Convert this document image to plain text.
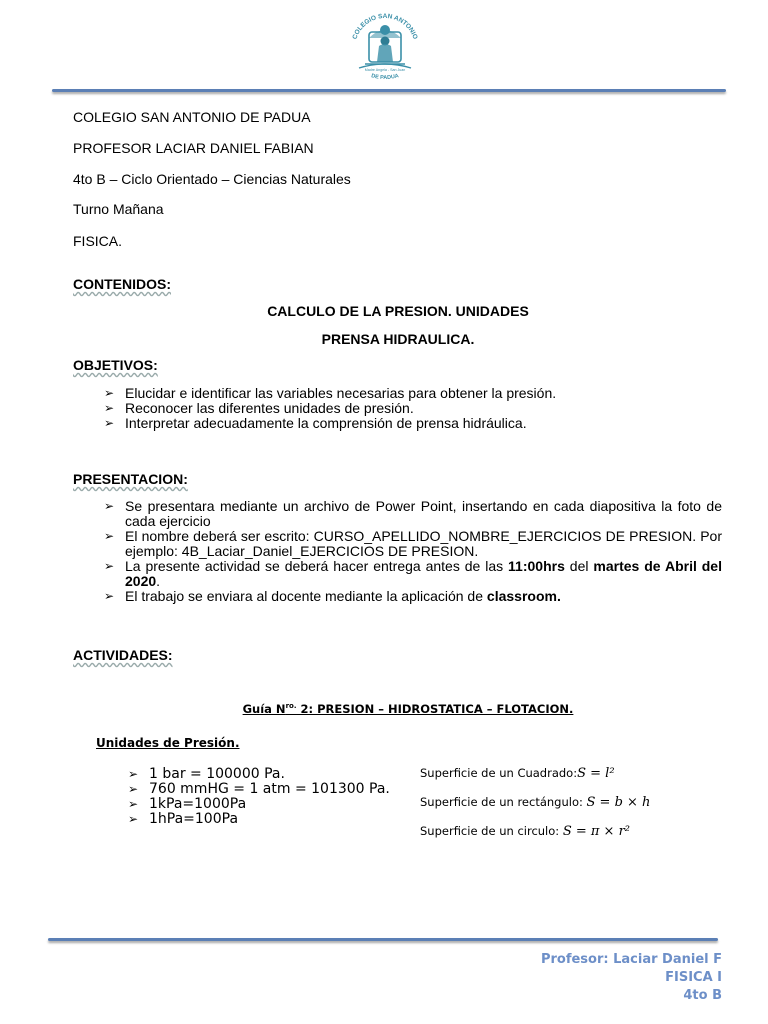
COLEGIO SAN ANTONIO
Madre Angela - San Juan
DE PADUA
COLEGIO SAN ANTONIO DE PADUA
PROFESOR LACIAR DANIEL FABIAN
4to B – Ciclo Orientado – Ciencias Naturales
Turno Mañana
FISICA.
CONTENIDOS:
CALCULO DE LA PRESION. UNIDADES
PRENSA HIDRAULICA.
OBJETIVOS:
➢ Elucidar e identificar las variables necesarias para obtener la presión.
➢ Reconocer las diferentes unidades de presión.
➢ Interpretar adecuadamente la comprensión de prensa hidráulica.
PRESENTACION:
➢ Se presentara mediante un archivo de Power Point, insertando en cada diapositiva la foto de cada ejercicio
➢ El nombre deberá ser escrito: CURSO_APELLIDO_NOMBRE_EJERCICIOS DE PRESION. Por ejemplo: 4B_Laciar_Daniel_EJERCICIOS DE PRESION.
➢ La presente actividad se deberá hacer entrega antes de las 11:00hrs del martes de Abril del 2020.
➢ El trabajo se enviara al docente mediante la aplicación de classroom.
ACTIVIDADES:
Guía $N^{ro.}$ 2: PRESION – HIDROSTATICA – FLOTACION.
Unidades de Presión.
➢ 1 bar = 100000 Pa.
➢ 760 mmHG = 1 atm = 101300 Pa.
➢ 1kPa=1000Pa
➢ 1hPa=100Pa
Superficie de un Cuadrado:S = l²
Superficie de un rectángulo: S = b × h
Superficie de un circulo: S = π × r²
Profesor: Laciar Daniel F
FISICA I
4to B
